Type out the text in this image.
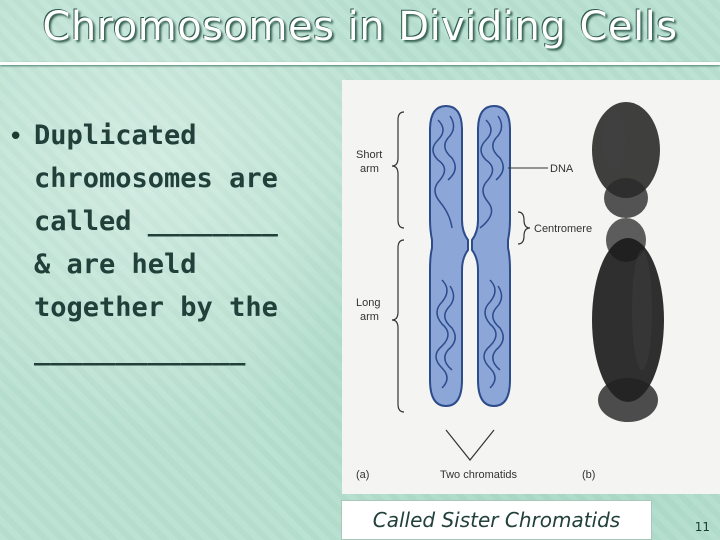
Chromosomes in Dividing Cells
• Duplicated
chromosomes are
called ________
& are held
together by the
_____________
Short
arm
Long
arm
DNA
Centromere
Two chromatids
(a)	(b)
Called Sister Chromatids	11
